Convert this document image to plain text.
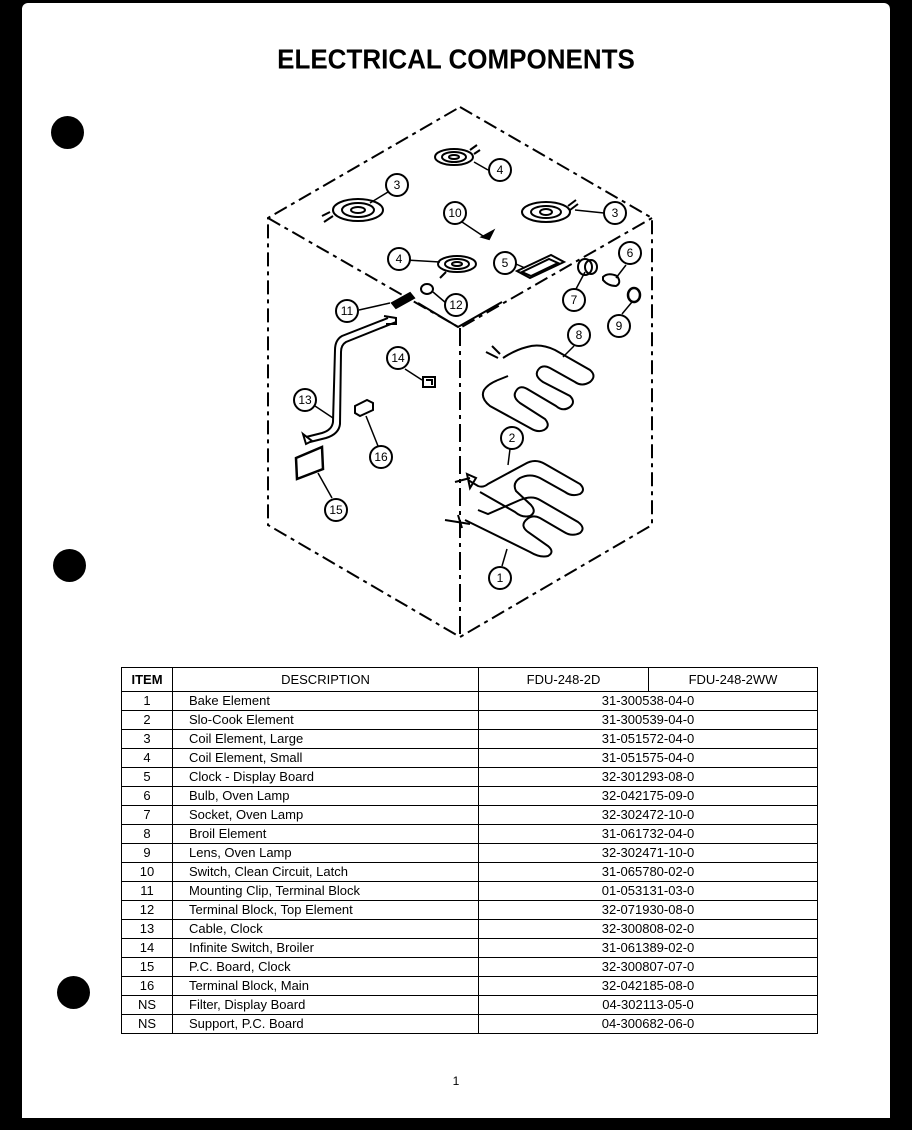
ELECTRICAL COMPONENTS
4
3
3
10
6
4	5
7
12
11
9
8
14
13
2
16
15
1
ITEM	DESCRIPTION	FDU-248-2D	FDU-248-2WW
1	Bake Element	31-300538-04-0	
2	Slo-Cook Element	31-300539-04-0	
3	Coil Element, Large	31-051572-04-0	
4	Coil Element, Small	31-051575-04-0	
5	Clock - Display Board	32-301293-08-0	
6	Bulb, Oven Lamp	32-042175-09-0	
7	Socket, Oven Lamp	32-302472-10-0	
8	Broil Element	31-061732-04-0	
9	Lens, Oven Lamp	32-302471-10-0	
10	Switch, Clean Circuit, Latch	31-065780-02-0	
11	Mounting Clip, Terminal Block	01-053131-03-0	
12	Terminal Block, Top Element	32-071930-08-0	
13	Cable, Clock	32-300808-02-0	
14	Infinite Switch, Broiler	31-061389-02-0	
15	P.C. Board, Clock	32-300807-07-0	
16	Terminal Block, Main	32-042185-08-0	
NS	Filter, Display Board	04-302113-05-0	
NS	Support, P.C. Board	04-300682-06-0	
1
